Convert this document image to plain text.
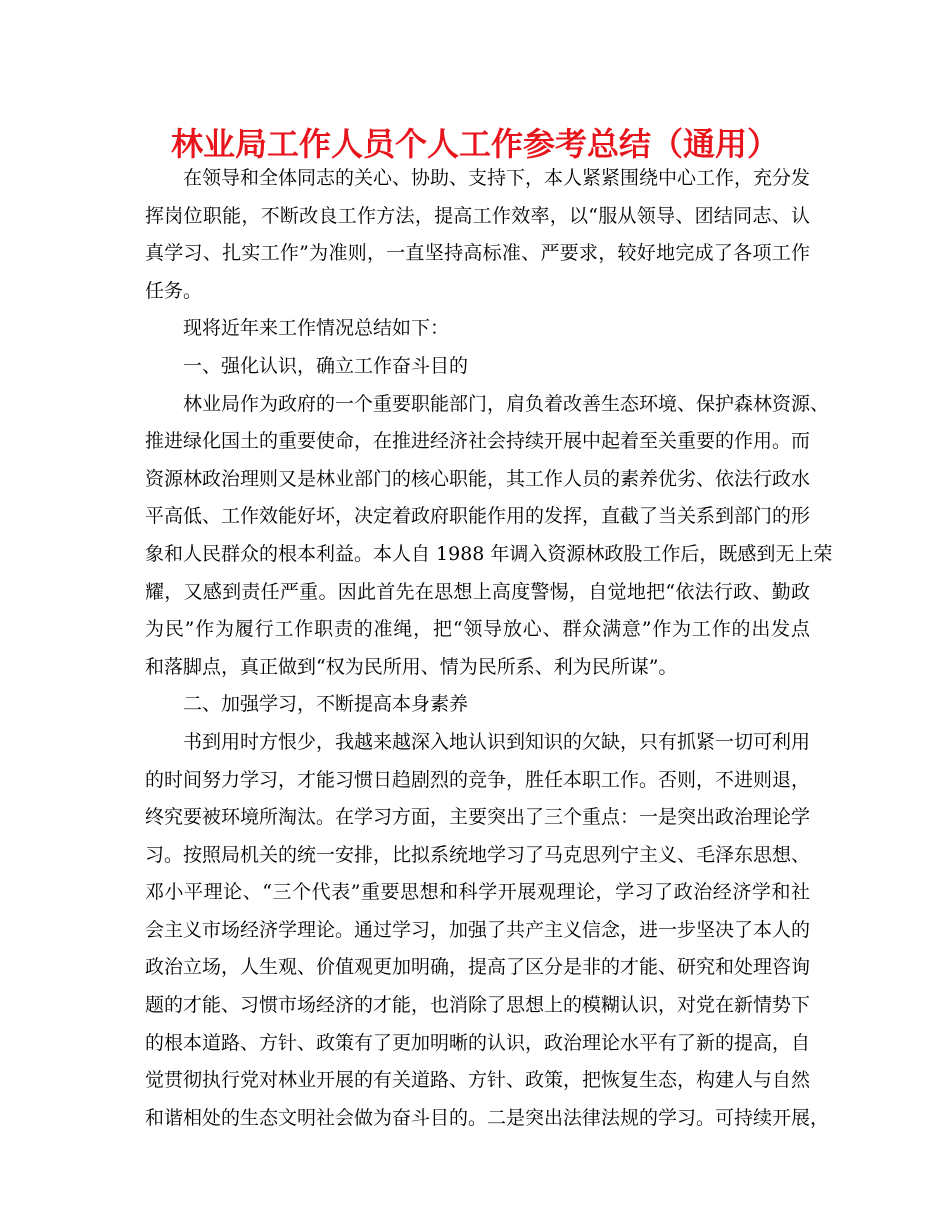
林业局工作人员个人工作参考总结（通用）
在领导和全体同志的关心、协助、支持下，本人紧紧围绕中心工作，充分发
挥岗位职能，不断改良工作方法，提高工作效率，以“服从领导、团结同志、认
真学习、扎实工作”为准则，一直坚持高标准、严要求，较好地完成了各项工作
任务。
现将近年来工作情况总结如下：
一、强化认识，确立工作奋斗目的
林业局作为政府的一个重要职能部门，肩负着改善生态环境、保护森林资源、
推进绿化国土的重要使命，在推进经济社会持续开展中起着至关重要的作用。而
资源林政治理则又是林业部门的核心职能，其工作人员的素养优劣、依法行政水
平高低、工作效能好坏，决定着政府职能作用的发挥，直截了当关系到部门的形
象和人民群众的根本利益。本人自 1988 年调入资源林政股工作后，既感到无上荣
耀，又感到责任严重。因此首先在思想上高度警惕，自觉地把“依法行政、勤政
为民”作为履行工作职责的准绳，把“领导放心、群众满意”作为工作的出发点
和落脚点，真正做到“权为民所用、情为民所系、利为民所谋”。
二、加强学习，不断提高本身素养
书到用时方恨少，我越来越深入地认识到知识的欠缺，只有抓紧一切可利用
的时间努力学习，才能习惯日趋剧烈的竞争，胜任本职工作。否则，不进则退，
终究要被环境所淘汰。在学习方面，主要突出了三个重点：一是突出政治理论学
习。按照局机关的统一安排，比拟系统地学习了马克思列宁主义、毛泽东思想、
邓小平理论、“三个代表”重要思想和科学开展观理论，学习了政治经济学和社
会主义市场经济学理论。通过学习，加强了共产主义信念，进一步坚决了本人的
政治立场，人生观、价值观更加明确，提高了区分是非的才能、研究和处理咨询
题的才能、习惯市场经济的才能，也消除了思想上的模糊认识，对党在新情势下
的根本道路、方针、政策有了更加明晰的认识，政治理论水平有了新的提高，自
觉贯彻执行党对林业开展的有关道路、方针、政策，把恢复生态，构建人与自然
和谐相处的生态文明社会做为奋斗目的。二是突出法律法规的学习。可持续开展，
